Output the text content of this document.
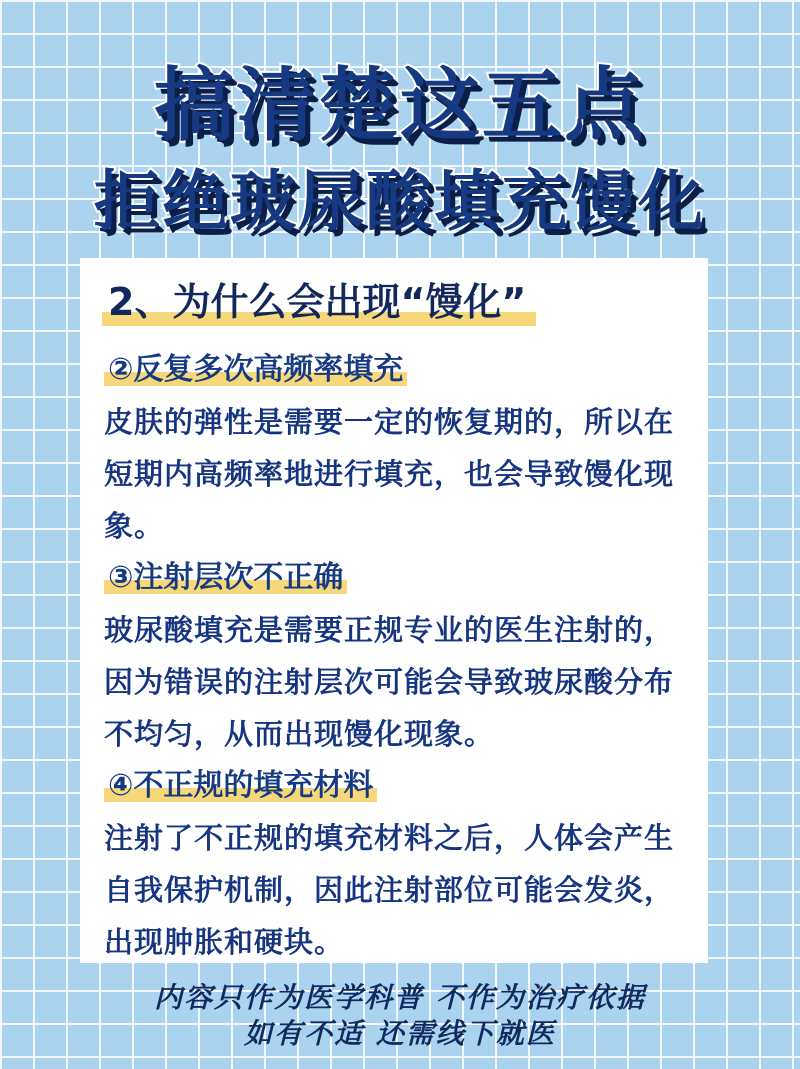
搞清楚这五点
拒绝玻尿酸填充馒化
2、为什么会出现“馒化”
②反复多次高频率填充
皮肤的弹性是需要一定的恢复期的，所以在短期内高频率地进行填充，也会导致馒化现象。
③注射层次不正确
玻尿酸填充是需要正规专业的医生注射的，因为错误的注射层次可能会导致玻尿酸分布不均匀，从而出现馒化现象。
④不正规的填充材料
注射了不正规的填充材料之后，人体会产生自我保护机制，因此注射部位可能会发炎，出现肿胀和硬块。
内容只作为医学科普 不作为治疗依据
如有不适 还需线下就医
